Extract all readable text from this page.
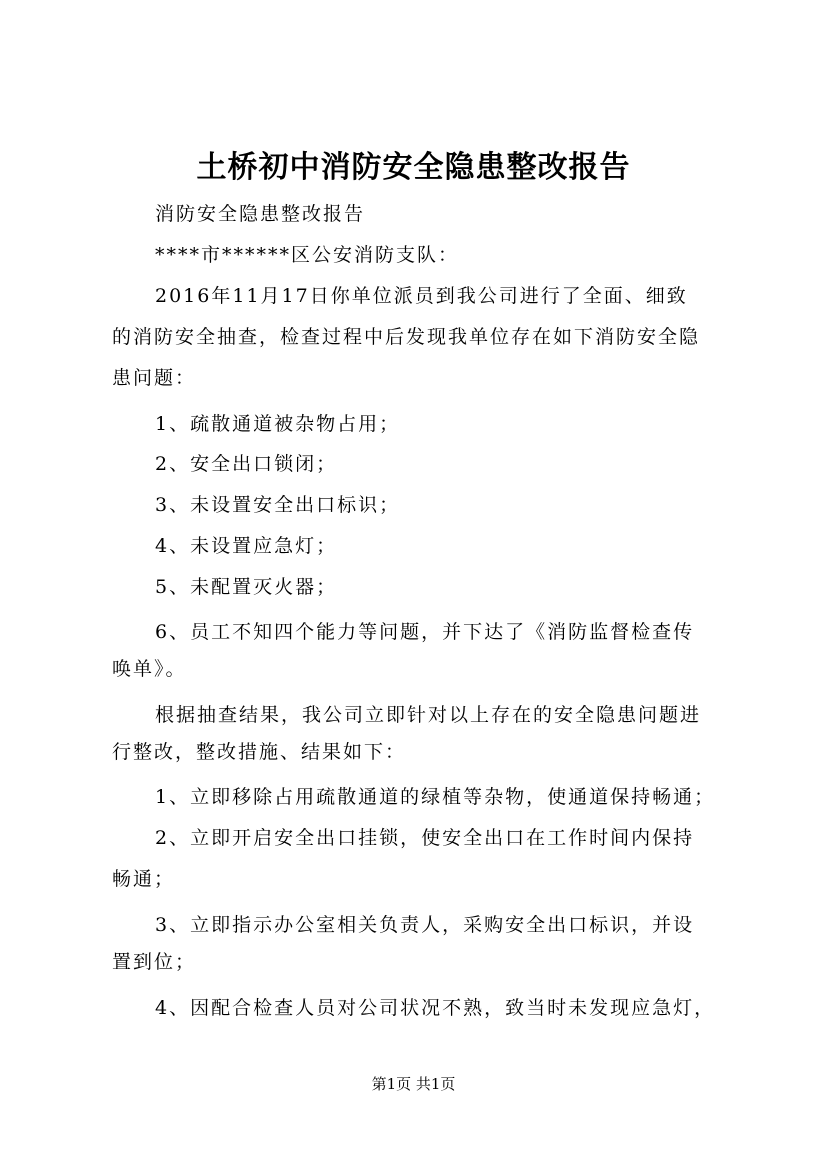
土桥初中消防安全隐患整改报告
消防安全隐患整改报告
****市******区公安消防支队：
2016年11月17日你单位派员到我公司进行了全面、细致
的消防安全抽查，检查过程中后发现我单位存在如下消防安全隐
患问题：
1、疏散通道被杂物占用；
2、安全出口锁闭；
3、未设置安全出口标识；
4、未设置应急灯；
5、未配置灭火器；
6、员工不知四个能力等问题，并下达了《消防监督检查传
唤单》。
根据抽查结果，我公司立即针对以上存在的安全隐患问题进
行整改，整改措施、结果如下：
1、立即移除占用疏散通道的绿植等杂物，使通道保持畅通；
2、立即开启安全出口挂锁，使安全出口在工作时间内保持
畅通；
3、立即指示办公室相关负责人，采购安全出口标识，并设
置到位；
4、因配合检查人员对公司状况不熟，致当时未发现应急灯，
第1页 共1页
